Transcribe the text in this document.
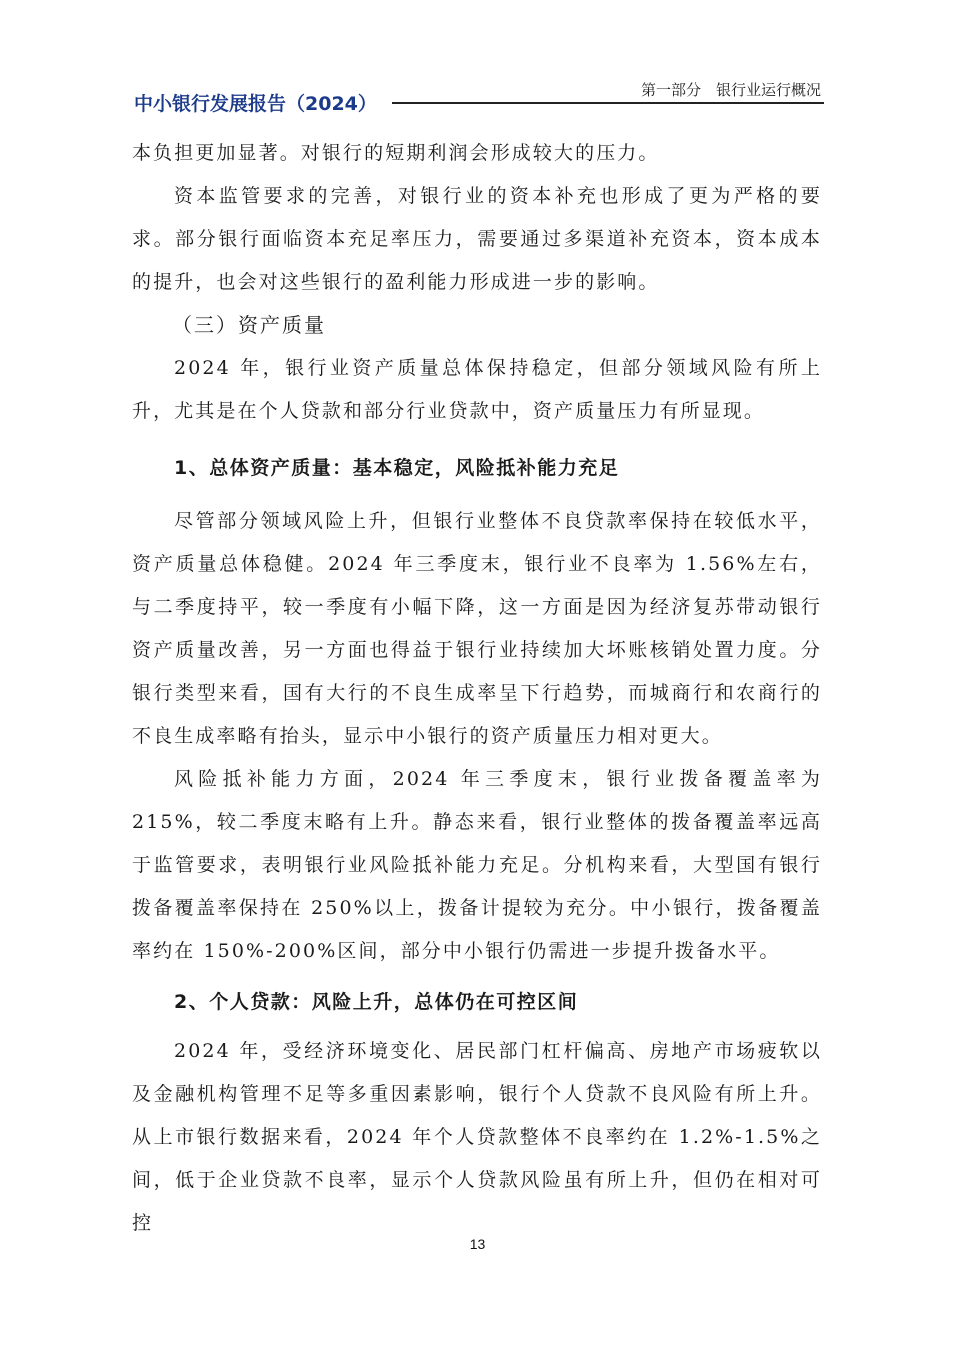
中小银行发展报告（2024）
第一部分　银行业运行概况

本负担更加显著。对银行的短期利润会形成较大的压力。

资本监管要求的完善，对银行业的资本补充也形成了更为严格的要求。部分银行面临资本充足率压力，需要通过多渠道补充资本，资本成本的提升，也会对这些银行的盈利能力形成进一步的影响。

（三）资产质量

2024 年，银行业资产质量总体保持稳定，但部分领域风险有所上升，尤其是在个人贷款和部分行业贷款中，资产质量压力有所显现。

1、总体资产质量：基本稳定，风险抵补能力充足

尽管部分领域风险上升，但银行业整体不良贷款率保持在较低水平，资产质量总体稳健。2024 年三季度末，银行业不良率为 1.56%左右，与二季度持平，较一季度有小幅下降，这一方面是因为经济复苏带动银行资产质量改善，另一方面也得益于银行业持续加大坏账核销处置力度。分银行类型来看，国有大行的不良生成率呈下行趋势，而城商行和农商行的不良生成率略有抬头，显示中小银行的资产质量压力相对更大。

风险抵补能力方面，2024 年三季度末，银行业拨备覆盖率为 215%，较二季度末略有上升。静态来看，银行业整体的拨备覆盖率远高于监管要求，表明银行业风险抵补能力充足。分机构来看，大型国有银行拨备覆盖率保持在 250%以上，拨备计提较为充分。中小银行，拨备覆盖率约在 150%-200%区间，部分中小银行仍需进一步提升拨备水平。

2、个人贷款：风险上升，总体仍在可控区间

2024 年，受经济环境变化、居民部门杠杆偏高、房地产市场疲软以及金融机构管理不足等多重因素影响，银行个人贷款不良风险有所上升。从上市银行数据来看，2024 年个人贷款整体不良率约在 1.2%-1.5%之间，低于企业贷款不良率，显示个人贷款风险虽有所上升，但仍在相对可控

13
